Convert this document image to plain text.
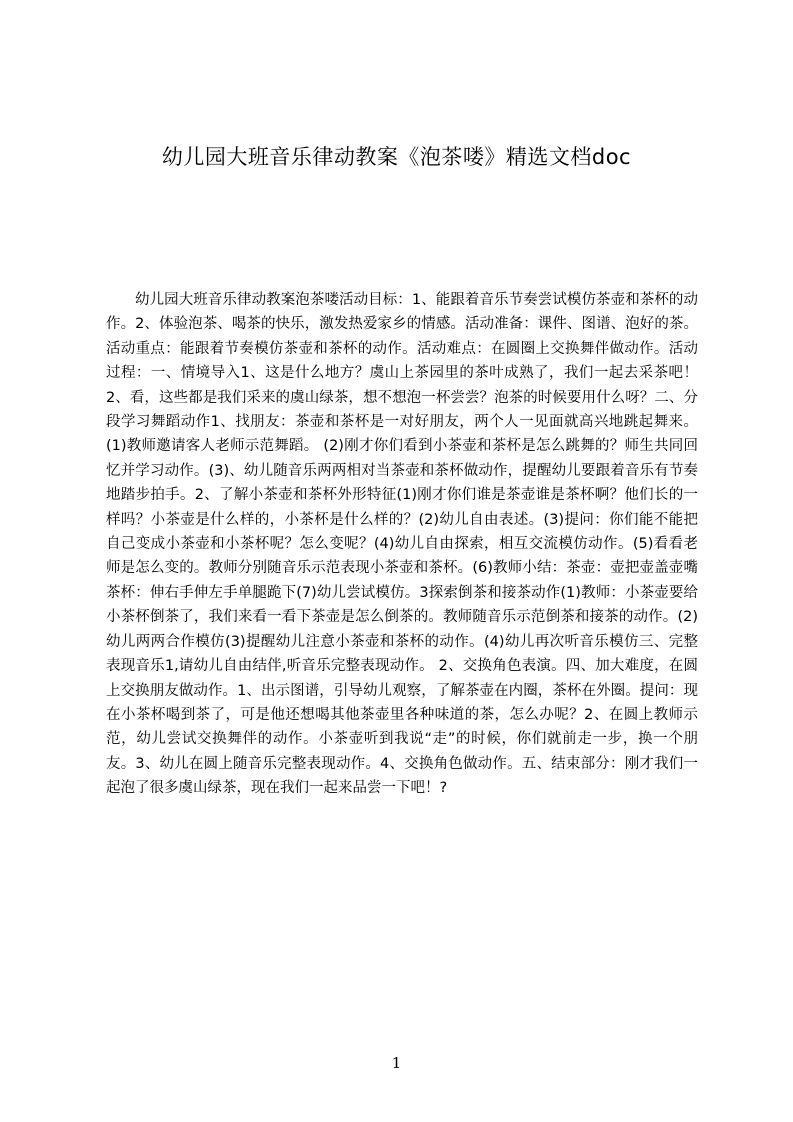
幼儿园大班音乐律动教案《泡茶喽》精选文档doc

幼儿园大班音乐律动教案泡茶喽活动目标：1、能跟着音乐节奏尝试模仿茶壶和茶杯的动作。2、体验泡茶、喝茶的快乐，激发热爱家乡的情感。活动准备：课件、图谱、泡好的茶。活动重点：能跟着节奏模仿茶壶和茶杯的动作。活动难点：在圆圈上交换舞伴做动作。活动过程：一、情境导入1、这是什么地方？虞山上茶园里的茶叶成熟了，我们一起去采茶吧！2、看，这些都是我们采来的虞山绿茶，想不想泡一杯尝尝？泡茶的时候要用什么呀？二、分段学习舞蹈动作1、找朋友：茶壶和茶杯是一对好朋友，两个人一见面就高兴地跳起舞来。(1)教师邀请客人老师示范舞蹈。 (2)刚才你们看到小茶壶和茶杯是怎么跳舞的？师生共同回忆并学习动作。(3)、幼儿随音乐两两相对当茶壶和茶杯做动作，提醒幼儿要跟着音乐有节奏地踏步拍手。2、了解小茶壶和茶杯外形特征(1)刚才你们谁是茶壶谁是茶杯啊？他们长的一样吗？小茶壶是什么样的，小茶杯是什么样的？(2)幼儿自由表述。(3)提问：你们能不能把自己变成小茶壶和小茶杯呢？怎么变呢？(4)幼儿自由探索，相互交流模仿动作。(5)看看老师是怎么变的。教师分别随音乐示范表现小茶壶和茶杯。(6)教师小结：茶壶：壶把壶盖壶嘴茶杯：伸右手伸左手单腿跪下(7)幼儿尝试模仿。3探索倒茶和接茶动作(1)教师：小茶壶要给小茶杯倒茶了，我们来看一看下茶壶是怎么倒茶的。教师随音乐示范倒茶和接茶的动作。(2)幼儿两两合作模仿(3)提醒幼儿注意小茶壶和茶杯的动作。(4)幼儿再次听音乐模仿三、完整表现音乐1,请幼儿自由结伴,听音乐完整表现动作。 2、交换角色表演。四、加大难度，在圆上交换朋友做动作。1、出示图谱，引导幼儿观察，了解茶壶在内圈，茶杯在外圈。提问：现在小茶杯喝到茶了，可是他还想喝其他茶壶里各种味道的茶，怎么办呢？2、在圆上教师示范，幼儿尝试交换舞伴的动作。小茶壶听到我说“走”的时候，你们就前走一步，换一个朋友。3、幼儿在圆上随音乐完整表现动作。4、交换角色做动作。五、结束部分：刚才我们一起泡了很多虞山绿茶，现在我们一起来品尝一下吧！?

1
